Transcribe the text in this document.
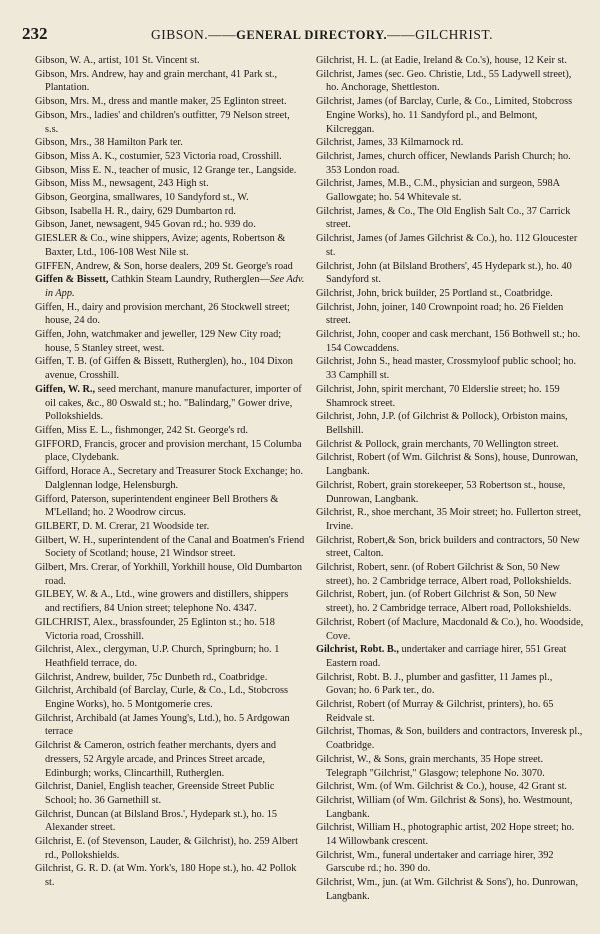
232	GIBSON.——GENERAL DIRECTORY.——GILCHRIST.

Gibson, W. A., artist, 101 St. Vincent st.

Gibson, Mrs. Andrew, hay and grain merchant, 41 Park st., Plantation.

Gibson, Mrs. M., dress and mantle maker, 25 Eglinton street.

Gibson, Mrs., ladies' and children's outfitter, 79 Nelson street, s.s.

Gibson, Mrs., 38 Hamilton Park ter.

Gibson, Miss A. K., costumier, 523 Victoria road, Crosshill.

Gibson, Miss E. N., teacher of music, 12 Grange ter., Langside.

Gibson, Miss M., newsagent, 243 High st.

Gibson, Georgina, smallwares, 10 Sandyford st., W.

Gibson, Isabella H. R., dairy, 629 Dumbarton rd.

Gibson, Janet, newsagent, 945 Govan rd.; ho. 939 do.

GIESLER & Co., wine shippers, Avize; agents, Robertson & Baxter, Ltd., 106-108 West Nile st.

GIFFEN, Andrew, & Son, horse dealers, 209 St. George's road

Giffen & Bissett, Cathkin Steam Laundry, Rutherglen—See Adv. in App.

Giffen, H., dairy and provision merchant, 26 Stockwell street; house, 24 do.

Giffen, John, watchmaker and jeweller, 129 New City road; house, 5 Stanley street, west.

Giffen, T. B. (of Giffen & Bissett, Rutherglen), ho., 104 Dixon avenue, Crosshill.

Giffen, W. R., seed merchant, manure manufacturer, importer of oil cakes, &c., 80 Oswald st.; ho. "Balindarg," Gower drive, Pollokshields.

Giffen, Miss E. L., fishmonger, 242 St. George's rd.

GIFFORD, Francis, grocer and provision merchant, 15 Columba place, Clydebank.

Gifford, Horace A., Secretary and Treasurer Stock Exchange; ho. Dalglennan lodge, Helensburgh.

Gifford, Paterson, superintendent engineer Bell Brothers & M'Lelland; ho. 2 Woodrow circus.

GILBERT, D. M. Crerar, 21 Woodside ter.

Gilbert, W. H., superintendent of the Canal and Boatmen's Friend Society of Scotland; house, 21 Windsor street.

Gilbert, Mrs. Crerar, of Yorkhill, Yorkhill house, Old Dumbarton road.

GILBEY, W. & A., Ltd., wine growers and distillers, shippers and rectifiers, 84 Union street; telephone No. 4347.

GILCHRIST, Alex., brassfounder, 25 Eglinton st.; ho. 518 Victoria road, Crosshill.

Gilchrist, Alex., clergyman, U.P. Church, Springburn; ho. 1 Heathfield terrace, do.

Gilchrist, Andrew, builder, 75c Dunbeth rd., Coatbridge.

Gilchrist, Archibald (of Barclay, Curle, & Co., Ld., Stobcross Engine Works), ho. 5 Montgomerie cres.

Gilchrist, Archibald (at James Young's, Ltd.), ho. 5 Ardgowan terrace

Gilchrist & Cameron, ostrich feather merchants, dyers and dressers, 52 Argyle arcade, and Princes Street arcade, Edinburgh; works, Clincarthill, Rutherglen.

Gilchrist, Daniel, English teacher, Greenside Street Public School; ho. 36 Garnethill st.

Gilchrist, Duncan (at Bilsland Bros.', Hydepark st.), ho. 15 Alexander street.

Gilchrist, E. (of Stevenson, Lauder, & Gilchrist), ho. 259 Albert rd., Pollokshields.

Gilchrist, G. R. D. (at Wm. York's, 180 Hope st.), ho. 42 Pollok st.

Gilchrist, H. L. (at Eadie, Ireland & Co.'s), house, 12 Keir st.

Gilchrist, James (sec. Geo. Christie, Ltd., 55 Ladywell street), ho. Anchorage, Shettleston.

Gilchrist, James (of Barclay, Curle, & Co., Limited, Stobcross Engine Works), ho. 11 Sandyford pl., and Belmont, Kilcreggan.

Gilchrist, James, 33 Kilmarnock rd.

Gilchrist, James, church officer, Newlands Parish Church; ho. 353 London road.

Gilchrist, James, M.B., C.M., physician and surgeon, 598A Gallowgate; ho. 54 Whitevale st.

Gilchrist, James, & Co., The Old English Salt Co., 37 Carrick street.

Gilchrist, James (of James Gilchrist & Co.), ho. 112 Gloucester st.

Gilchrist, John (at Bilsland Brothers', 45 Hydepark st.), ho. 40 Sandyford st.

Gilchrist, John, brick builder, 25 Portland st., Coatbridge.

Gilchrist, John, joiner, 140 Crownpoint road; ho. 26 Fielden street.

Gilchrist, John, cooper and cask merchant, 156 Bothwell st.; ho. 154 Cowcaddens.

Gilchrist, John S., head master, Crossmyloof public school; ho. 33 Camphill st.

Gilchrist, John, spirit merchant, 70 Elderslie street; ho. 159 Shamrock street.

Gilchrist, John, J.P. (of Gilchrist & Pollock), Orbiston mains, Bellshill.

Gilchrist & Pollock, grain merchants, 70 Wellington street.

Gilchrist, Robert (of Wm. Gilchrist & Sons), house, Dunrowan, Langbank.

Gilchrist, Robert, grain storekeeper, 53 Robertson st., house, Dunrowan, Langbank.

Gilchrist, R., shoe merchant, 35 Moir street; ho. Fullerton street, Irvine.

Gilchrist, Robert,& Son, brick builders and contractors, 50 New street, Calton.

Gilchrist, Robert, senr. (of Robert Gilchrist & Son, 50 New street), ho. 2 Cambridge terrace, Albert road, Pollokshields.

Gilchrist, Robert, jun. (of Robert Gilchrist & Son, 50 New street), ho. 2 Cambridge terrace, Albert road, Pollokshields.

Gilchrist, Robert (of Maclure, Macdonald & Co.), ho. Woodside, Cove.

Gilchrist, Robt. B., undertaker and carriage hirer, 551 Great Eastern road.

Gilchrist, Robt. B. J., plumber and gasfitter, 11 James pl., Govan; ho. 6 Park ter., do.

Gilchrist, Robert (of Murray & Gilchrist, printers), ho. 65 Reidvale st.

Gilchrist, Thomas, & Son, builders and contractors, Inveresk pl., Coatbridge.

Gilchrist, W., & Sons, grain merchants, 35 Hope street. Telegraph "Gilchrist," Glasgow; telephone No. 3070.

Gilchrist, Wm. (of Wm. Gilchrist & Co.), house, 42 Grant st.

Gilchrist, William (of Wm. Gilchrist & Sons), ho. Westmount, Langbank.

Gilchrist, William H., photographic artist, 202 Hope street; ho. 14 Willowbank crescent.

Gilchrist, Wm., funeral undertaker and carriage hirer, 392 Garscube rd.; ho. 390 do.

Gilchrist, Wm., jun. (at Wm. Gilchrist & Sons'), ho. Dunrowan, Langbank.
